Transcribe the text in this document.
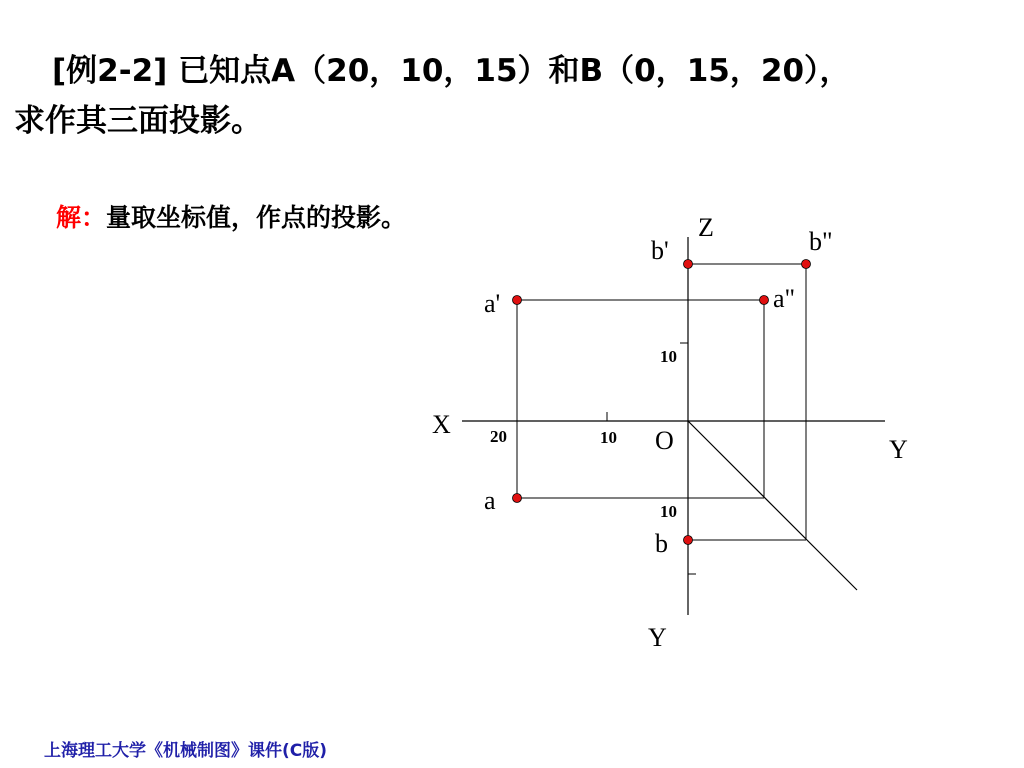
[例2-2] 已知点A（20，10，15）和B（0，15，20），
求作其三面投影。
解：量取坐标值，作点的投影。
X
Z
Y
Y
O
20	10
10
10
a'	a"
a
b'	b"
b
上海理工大学《机械制图》课件(C版)
